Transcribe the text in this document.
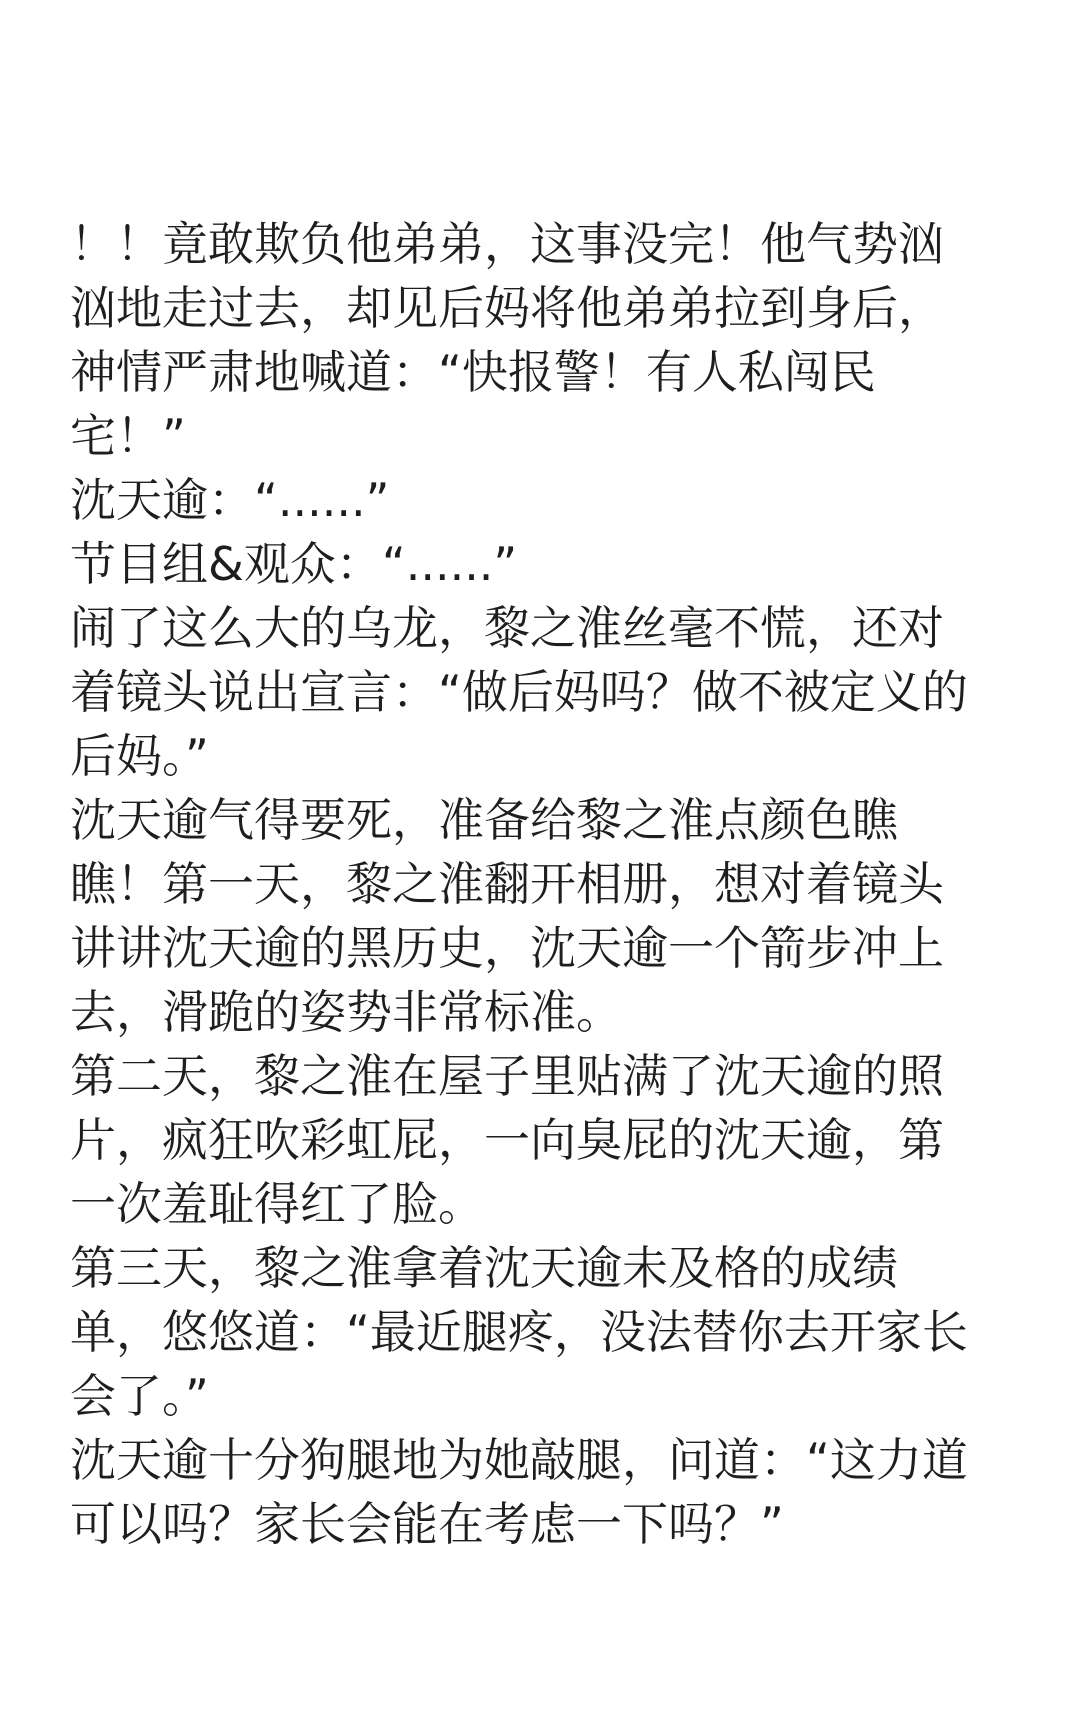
！！竟敢欺负他弟弟，这事没完！他气势汹
汹地走过去，却见后妈将他弟弟拉到身后，
神情严肃地喊道：“快报警！有人私闯民
宅！”
沈天逾：“......”
节目组&观众：“......”
闹了这么大的乌龙，黎之淮丝毫不慌，还对
着镜头说出宣言：“做后妈吗？做不被定义的
后妈。”
沈天逾气得要死，准备给黎之淮点颜色瞧
瞧！第一天，黎之淮翻开相册，想对着镜头
讲讲沈天逾的黑历史，沈天逾一个箭步冲上
去，滑跪的姿势非常标准。
第二天，黎之淮在屋子里贴满了沈天逾的照
片，疯狂吹彩虹屁，一向臭屁的沈天逾，第
一次羞耻得红了脸。
第三天，黎之淮拿着沈天逾未及格的成绩
单，悠悠道：“最近腿疼，没法替你去开家长
会了。”
沈天逾十分狗腿地为她敲腿，问道：“这力道
可以吗？家长会能在考虑一下吗？”
